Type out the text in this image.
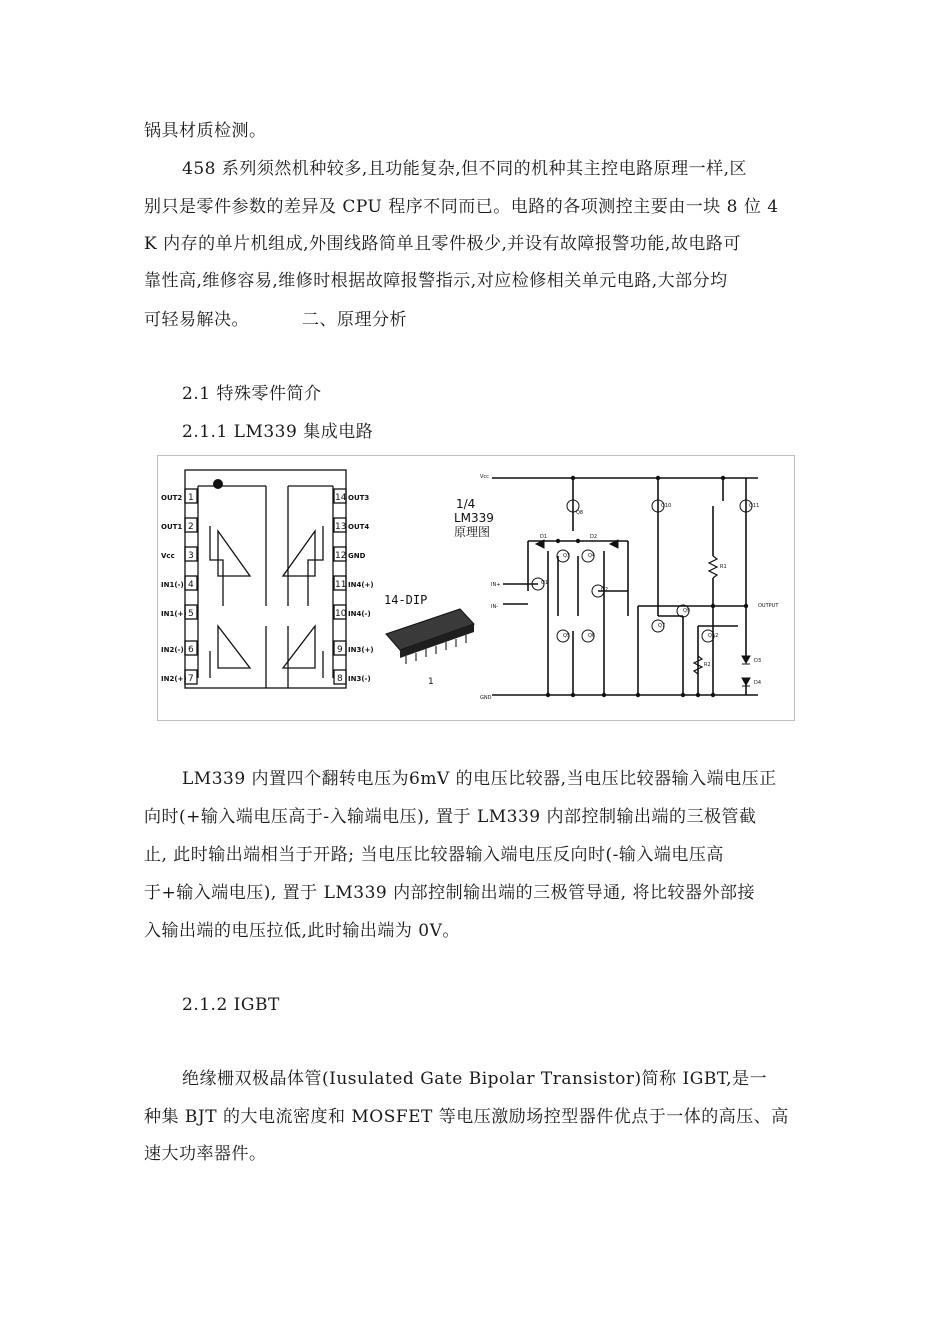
锅具材质检测。
458 系列须然机种较多,且功能复杂,但不同的机种其主控电路原理一样,区
别只是零件参数的差异及 CPU 程序不同而已。电路的各项测控主要由一块 8 位 4
K 内存的单片机组成,外围线路简单且零件极少,并设有故障报警功能,故电路可
靠性高,维修容易,维修时根据故障报警指示,对应检修相关单元电路,大部分均
可轻易解决。	二、原理分析
2.1 特殊零件简介
2.1.1 LM339 集成电路
OUT2 1
OUT1 2
Vcc 3
IN1(-) 4
IN1(+) 5
IN2(-) 6
IN2(+) 7
14 OUT3
13 OUT4
12 GND
11 IN4(+)
10 IN4(-)
9 IN3(+)
8 IN3(-)
14-DIP
1
1/4
LM339
原理图
Vcc
IN+
IN-	OUTPUT
GND
Q1
Q2
Q3	Q4
Q5	Q6
Q7
Q8
Q9
Q10	Q11
Q12
R1
R2
D1	D2
D3
D4
LM339 内置四个翻转电压为6mV 的电压比较器,当电压比较器输入端电压正
向时(+输入端电压高于-入输端电压), 置于 LM339 内部控制输出端的三极管截
止, 此时输出端相当于开路; 当电压比较器输入端电压反向时(-输入端电压高
于+输入端电压), 置于 LM339 内部控制输出端的三极管导通, 将比较器外部接
入输出端的电压拉低,此时输出端为 0V。
2.1.2 IGBT
绝缘栅双极晶体管(Iusulated Gate Bipolar Transistor)简称 IGBT,是一
种集 BJT 的大电流密度和 MOSFET 等电压激励场控型器件优点于一体的高压、高
速大功率器件。
